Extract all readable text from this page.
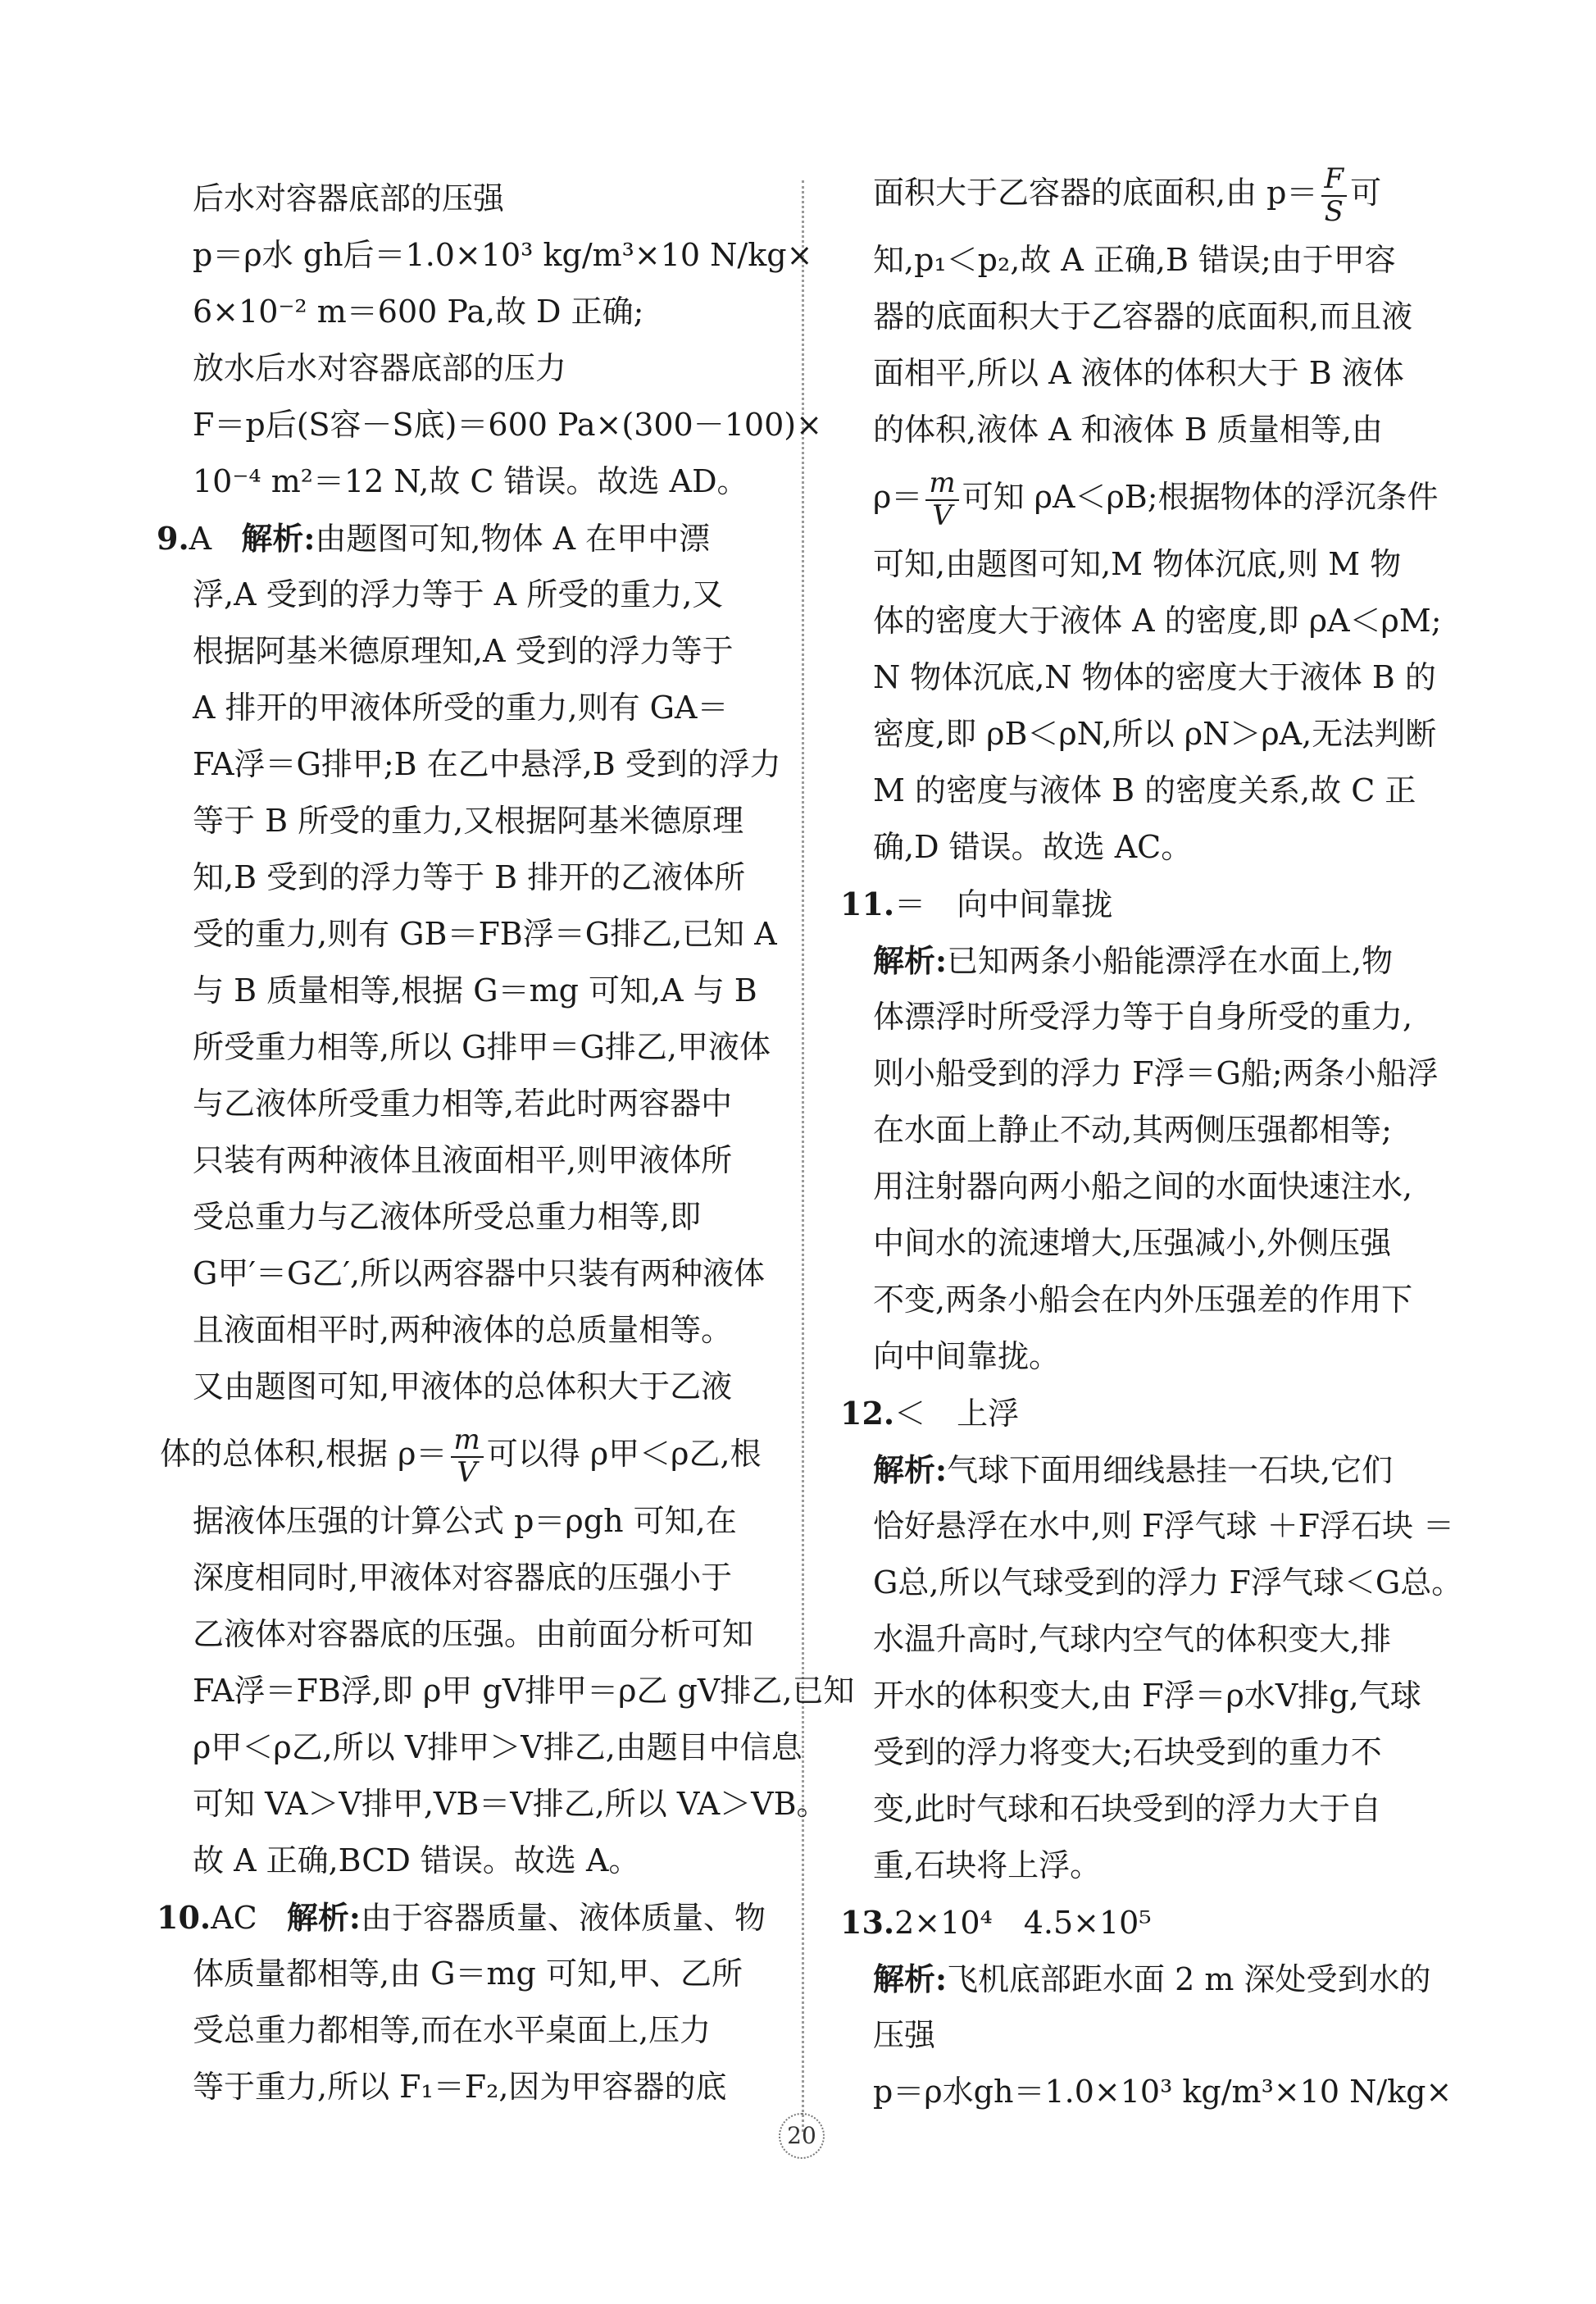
后水对容器底部的压强
p＝ρ水 gh后＝1.0×10³ kg/m³×10 N/kg×
6×10⁻² m＝600 Pa,故 D 正确;
放水后水对容器底部的压力
F＝p后(S容－S底)＝600 Pa×(300－100)×
10⁻⁴ m²＝12 N,故 C 错误。故选 AD。
9.A 解析:由题图可知,物体 A 在甲中漂
浮,A 受到的浮力等于 A 所受的重力,又
根据阿基米德原理知,A 受到的浮力等于
A 排开的甲液体所受的重力,则有 GA＝
FA浮＝G排甲;B 在乙中悬浮,B 受到的浮力
等于 B 所受的重力,又根据阿基米德原理
知,B 受到的浮力等于 B 排开的乙液体所
受的重力,则有 GB＝FB浮＝G排乙,已知 A
与 B 质量相等,根据 G＝mg 可知,A 与 B
所受重力相等,所以 G排甲＝G排乙,甲液体
与乙液体所受重力相等,若此时两容器中
只装有两种液体且液面相平,则甲液体所
受总重力与乙液体所受总重力相等,即
G甲′＝G乙′,所以两容器中只装有两种液体
且液面相平时,两种液体的总质量相等。
又由题图可知,甲液体的总体积大于乙液
体的总体积,根据 $\rho= \frac{m}{V}$ 可以得 ρ甲＜ρ乙,根
据液体压强的计算公式 p＝ρgh 可知,在
深度相同时,甲液体对容器底的压强小于
乙液体对容器底的压强。由前面分析可知
FA浮＝FB浮,即 ρ甲 gV排甲＝ρ乙 gV排乙,已知
ρ甲＜ρ乙,所以 V排甲＞V排乙,由题目中信息
可知 VA＞V排甲,VB＝V排乙,所以 VA＞VB。
故 A 正确,BCD 错误。故选 A。
10.AC 解析:由于容器质量、液体质量、物
体质量都相等,由 G＝mg 可知,甲、乙所
受总重力都相等,而在水平桌面上,压力
等于重力,所以 F₁＝F₂,因为甲容器的底
面积大于乙容器的底面积,由 $p= \frac{F}{S}$ 可
知,p₁＜p₂,故 A 正确,B 错误;由于甲容
器的底面积大于乙容器的底面积,而且液
面相平,所以 A 液体的体积大于 B 液体
的体积,液体 A 和液体 B 质量相等,由
$\rho= \frac{m}{V}$ 可知 ρA＜ρB;根据物体的浮沉条件
可知,由题图可知,M 物体沉底,则 M 物
体的密度大于液体 A 的密度,即 ρA＜ρM;
N 物体沉底,N 物体的密度大于液体 B 的
密度,即 ρB＜ρN,所以 ρN＞ρA,无法判断
M 的密度与液体 B 的密度关系,故 C 正
确,D 错误。故选 AC。
11.＝　向中间靠拢
解析:已知两条小船能漂浮在水面上,物
体漂浮时所受浮力等于自身所受的重力,
则小船受到的浮力 F浮＝G船;两条小船浮
在水面上静止不动,其两侧压强都相等;
用注射器向两小船之间的水面快速注水,
中间水的流速增大,压强减小,外侧压强
不变,两条小船会在内外压强差的作用下
向中间靠拢。
12.＜　上浮
解析:气球下面用细线悬挂一石块,它们
恰好悬浮在水中,则 F浮气球 ＋F浮石块 ＝
G总,所以气球受到的浮力 F浮气球＜G总。
水温升高时,气球内空气的体积变大,排
开水的体积变大,由 F浮＝ρ水V排g,气球
受到的浮力将变大;石块受到的重力不
变,此时气球和石块受到的浮力大于自
重,石块将上浮。
13.2×10⁴　4.5×10⁵
解析:飞机底部距水面 2 m 深处受到水的
压强
p＝ρ水gh＝1.0×10³ kg/m³×10 N/kg×
20
